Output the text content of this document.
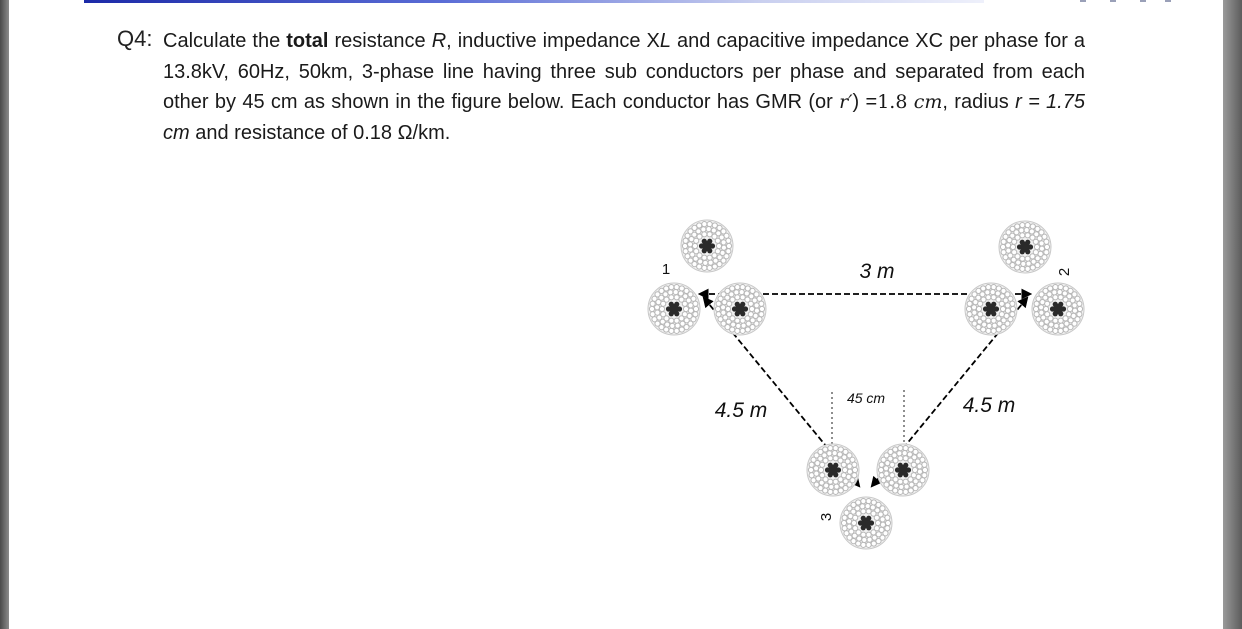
Q4: Calculate the total resistance R, inductive impedance XL and capacitive impedance XC per phase for a 13.8kV, 60Hz, 50km, 3-phase line having three sub conductors per phase and separated from each other by 45 cm as shown in the figure below. Each conductor has GMR (or r′) =1.8 cm, radius r = 1.75 cm and resistance of 0.18 Ω/km.
1	2
3
3 m
4.5 m	4.5 m
45 cm
